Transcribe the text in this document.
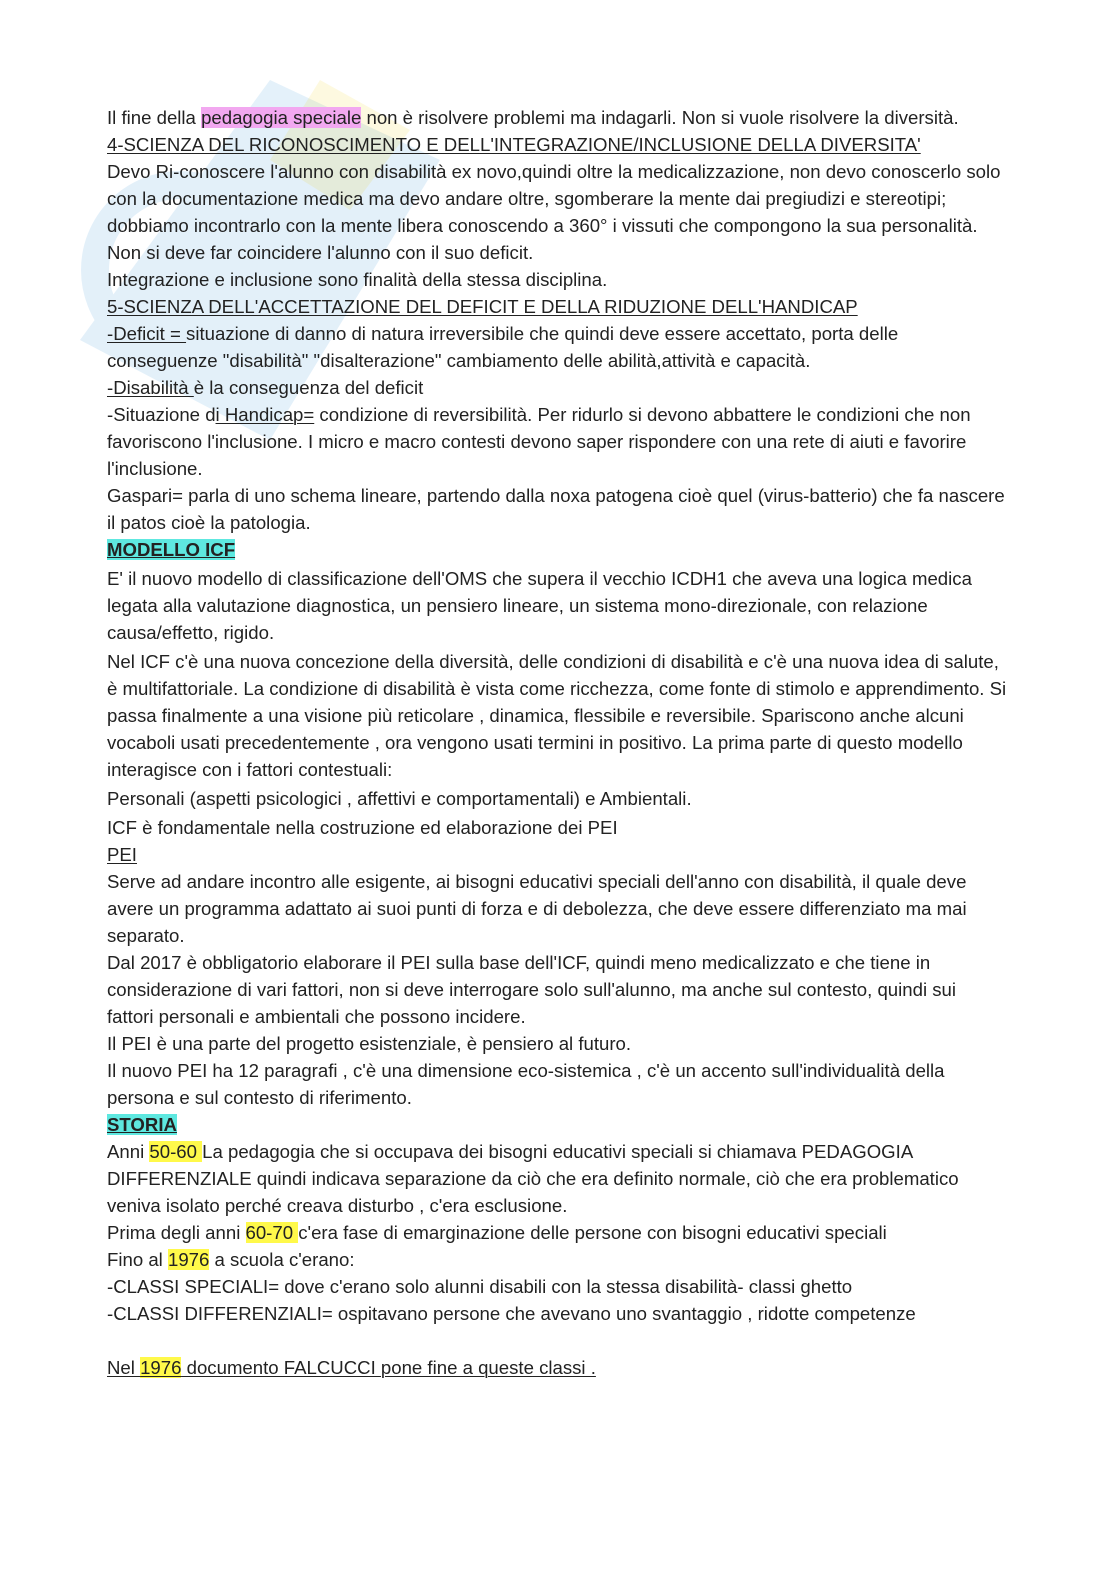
Il fine della pedagogia speciale non è risolvere problemi ma indagarli. Non si vuole risolvere la diversità.

4-SCIENZA DEL RICONOSCIMENTO E DELL'INTEGRAZIONE/INCLUSIONE DELLA DIVERSITA'

Devo Ri-conoscere l'alunno con disabilità ex novo,quindi oltre la medicalizzazione, non devo conoscerlo solo con la documentazione medica ma devo andare oltre, sgomberare la mente dai pregiudizi e stereotipi; dobbiamo incontrarlo con la mente libera conoscendo a 360° i vissuti che compongono la sua personalità.

Non si deve far coincidere l'alunno con il suo deficit.

Integrazione e inclusione sono finalità della stessa disciplina.

5-SCIENZA DELL'ACCETTAZIONE DEL DEFICIT E DELLA RIDUZIONE DELL'HANDICAP

-Deficit = situazione di danno di natura irreversibile che quindi deve essere accettato, porta delle conseguenze "disabilità" "disalterazione" cambiamento delle abilità,attività e capacità.

-Disabilità è la conseguenza del deficit

-Situazione di Handicap= condizione di reversibilità. Per ridurlo si devono abbattere le condizioni che non favoriscono l'inclusione. I micro e macro contesti devono saper rispondere con una rete di aiuti e favorire l'inclusione.

Gaspari= parla di uno schema lineare, partendo dalla noxa patogena cioè quel (virus-batterio) che fa nascere il patos cioè la patologia.

MODELLO ICF

E' il nuovo modello di classificazione dell'OMS che supera il vecchio ICDH1 che aveva una logica medica legata alla valutazione diagnostica, un pensiero lineare, un sistema mono-direzionale, con relazione causa/effetto, rigido.

Nel ICF c'è una nuova concezione della diversità, delle condizioni di disabilità e c'è una nuova idea di salute, è multifattoriale. La condizione di disabilità è vista come ricchezza, come fonte di stimolo e apprendimento. Si passa finalmente a una visione più reticolare , dinamica, flessibile e reversibile. Spariscono anche alcuni vocaboli usati precedentemente , ora vengono usati termini in positivo. La prima parte di questo modello interagisce con i fattori contestuali:

Personali (aspetti psicologici , affettivi e comportamentali) e Ambientali.

ICF è fondamentale nella costruzione ed elaborazione dei PEI

PEI

Serve ad andare incontro alle esigente, ai bisogni educativi speciali dell'anno con disabilità, il quale deve avere un programma adattato ai suoi punti di forza e di debolezza, che deve essere differenziato ma mai separato.

Dal 2017 è obbligatorio elaborare il PEI sulla base dell'ICF, quindi meno medicalizzato e che tiene in considerazione di vari fattori, non si deve interrogare solo sull'alunno, ma anche sul contesto, quindi sui fattori personali e ambientali che possono incidere.

Il PEI è una parte del progetto esistenziale, è pensiero al futuro.

Il nuovo PEI ha 12 paragrafi , c'è una dimensione eco-sistemica , c'è un accento sull'individualità della persona e sul contesto di riferimento.

STORIA

Anni 50-60 La pedagogia che si occupava dei bisogni educativi speciali si chiamava PEDAGOGIA DIFFERENZIALE quindi indicava separazione da ciò che era definito normale, ciò che era problematico veniva isolato perché creava disturbo , c'era esclusione.

Prima degli anni 60-70 c'era fase di emarginazione delle persone con bisogni educativi speciali

Fino al 1976 a scuola c'erano:

-CLASSI SPECIALI= dove c'erano solo alunni disabili con la stessa disabilità- classi ghetto

-CLASSI DIFFERENZIALI= ospitavano persone che avevano uno svantaggio , ridotte competenze

Nel 1976 documento FALCUCCI pone fine a queste classi .
